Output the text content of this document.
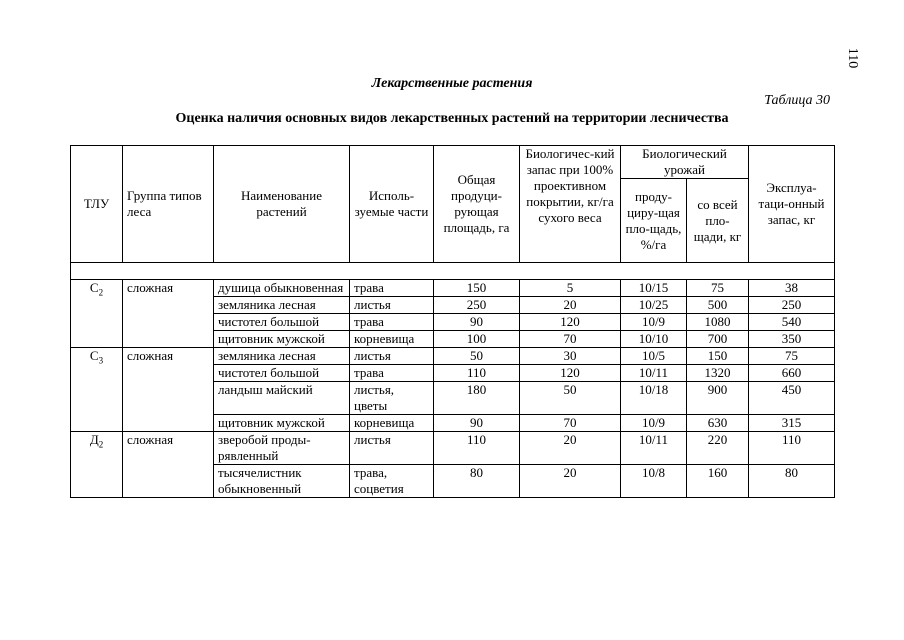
110
Лекарственные растения
Таблица 30
Оценка наличия основных видов лекарственных растений на территории лесничества
ТЛУ	Группа типов леса	Наименование растений	Исполь-зуемые части	Общая продуци-рующая площадь, га	Биологичес-кий запас при 100% проективном покрытии, кг/га сухого веса	Биологический урожай		Эксплуа-таци-онный запас, кг
						проду-циру-щая пло-щадь, %/га	со всей пло-щади, кг	

$С_2$	сложная	душица обыкновенная	трава	150	5	10/15	75	38
		земляника лесная	листья	250	20	10/25	500	250
		чистотел большой	трава	90	120	10/9	1080	540
		щитовник мужской	корневища	100	70	10/10	700	350
$С_3$	сложная	земляника лесная	листья	50	30	10/5	150	75
		чистотел большой	трава	110	120	10/11	1320	660
		ландыш майский	листья, цветы	180	50	10/18	900	450
		щитовник мужской	корневища	90	70	10/9	630	315
$Д_2$	сложная	зверобой проды-рявленный	листья	110	20	10/11	220	110
		тысячелистник обыкновенный	трава, соцветия	80	20	10/8	160	80
